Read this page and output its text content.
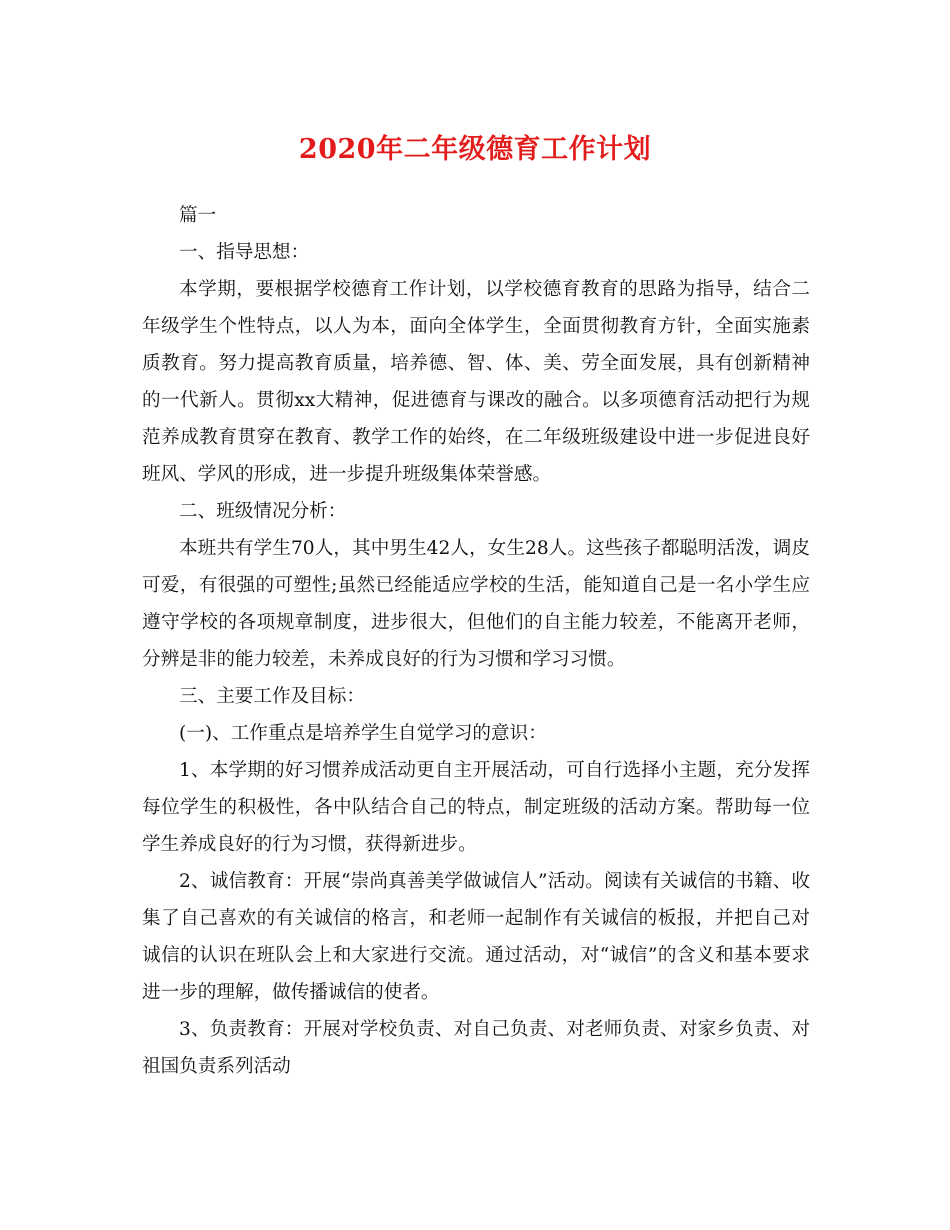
2020年二年级德育工作计划

篇一

一、指导思想：

本学期，要根据学校德育工作计划，以学校德育教育的思路为指导，结合二年级学生个性特点，以人为本，面向全体学生，全面贯彻教育方针，全面实施素质教育。努力提高教育质量，培养德、智、体、美、劳全面发展，具有创新精神的一代新人。贯彻xx大精神，促进德育与课改的融合。以多项德育活动把行为规范养成教育贯穿在教育、教学工作的始终，在二年级班级建设中进一步促进良好班风、学风的形成，进一步提升班级集体荣誉感。

二、班级情况分析：

本班共有学生70人，其中男生42人，女生28人。这些孩子都聪明活泼，调皮可爱，有很强的可塑性;虽然已经能适应学校的生活，能知道自己是一名小学生应遵守学校的各项规章制度，进步很大，但他们的自主能力较差，不能离开老师，分辨是非的能力较差，未养成良好的行为习惯和学习习惯。

三、主要工作及目标：

(一)、工作重点是培养学生自觉学习的意识：

1、本学期的好习惯养成活动更自主开展活动，可自行选择小主题，充分发挥每位学生的积极性，各中队结合自己的特点，制定班级的活动方案。帮助每一位学生养成良好的行为习惯，获得新进步。

2、诚信教育：开展“崇尚真善美学做诚信人”活动。阅读有关诚信的书籍、收集了自己喜欢的有关诚信的格言，和老师一起制作有关诚信的板报，并把自己对诚信的认识在班队会上和大家进行交流。通过活动，对“诚信”的含义和基本要求进一步的理解，做传播诚信的使者。

3、负责教育：开展对学校负责、对自己负责、对老师负责、对家乡负责、对祖国负责系列活动
